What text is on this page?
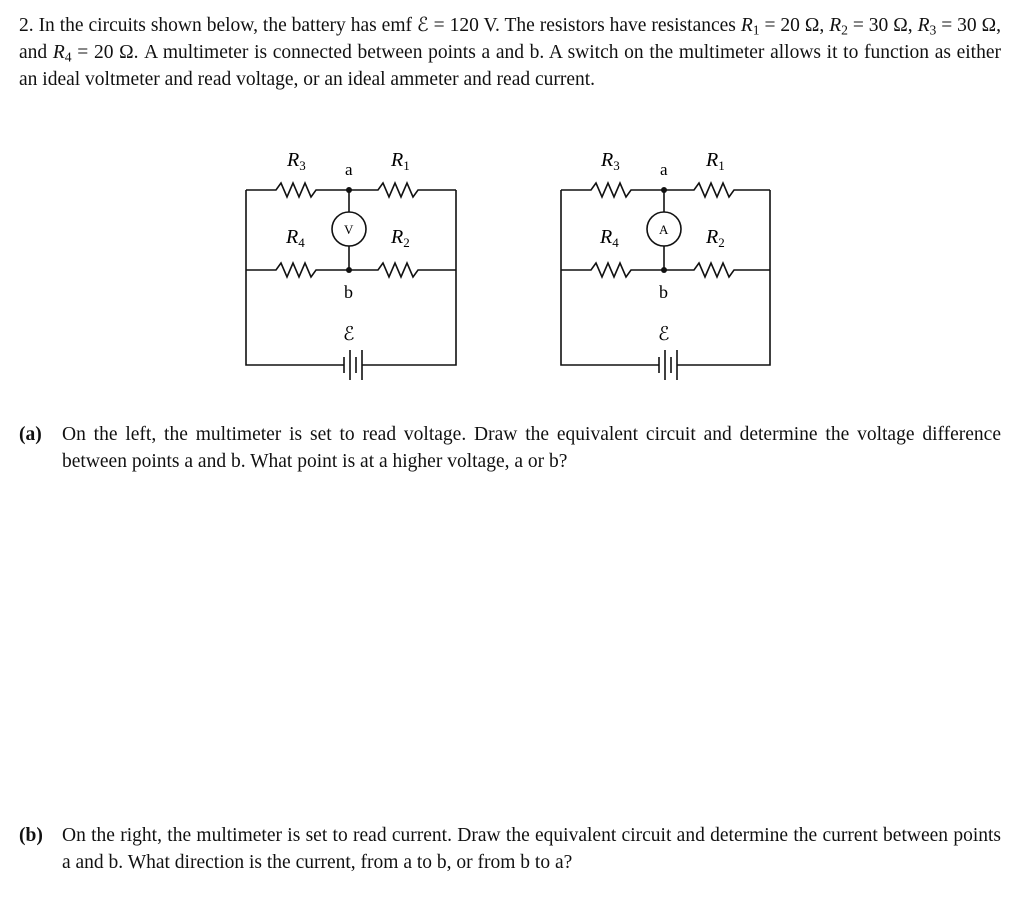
2. In the circuits shown below, the battery has emf ℰ = 120 V. The resistors have resistances $R_1 = 20$ Ω, $R_2 = 30$ Ω, $R_3 = 30$ Ω, and $R_4 = 20$ Ω. A multimeter is connected between points a and b. A switch on the multimeter allows it to function as either an ideal voltmeter and read voltage, or an ideal ammeter and read current.
$R_3$ a $R_1$
$R_4$
V $R_2$
b
ℰ
$R_3$ a $R_1$
$R_4$
A $R_2$
b
ℰ
(a) On the left, the multimeter is set to read voltage. Draw the equivalent circuit and determine the voltage difference between points a and b. What point is at a higher voltage, a or b?
(b) On the right, the multimeter is set to read current. Draw the equivalent circuit and determine the current between points a and b. What direction is the current, from a to b, or from b to a?
